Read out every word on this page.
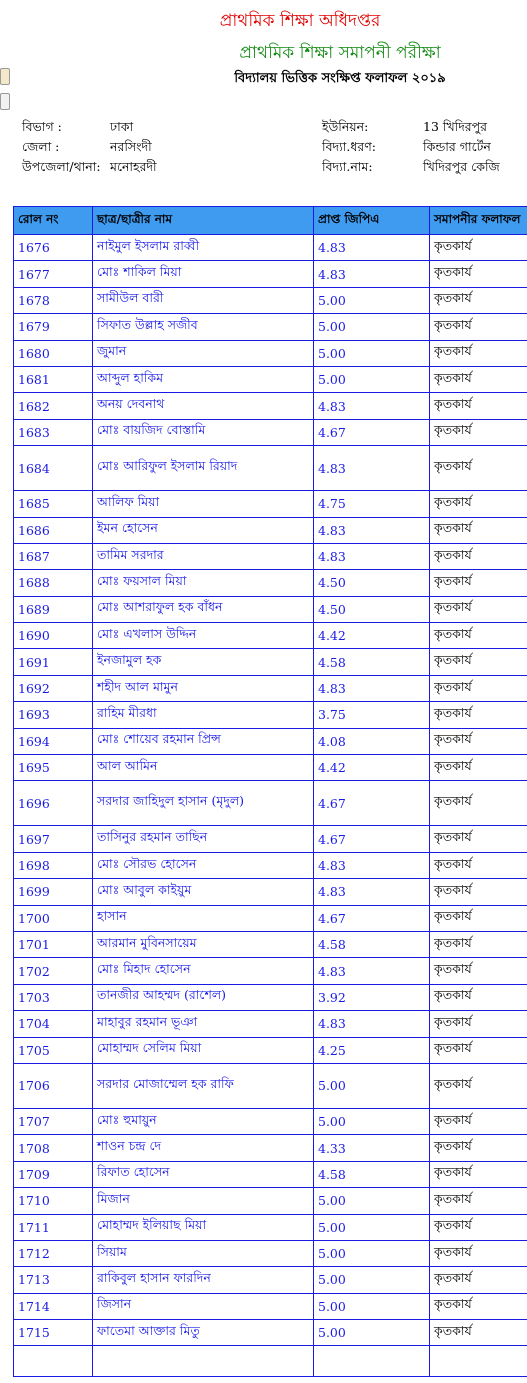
প্রাথমিক শিক্ষা অধিদপ্তর
প্রাথমিক শিক্ষা সমাপনী পরীক্ষা
বিদ্যালয় ভিত্তিক সংক্ষিপ্ত ফলাফল ২০১৯
বিভাগ :	ঢাকা
জেলা :	নরসিংদী
উপজেলা/থানা: মনোহরদী
ইউনিয়ন:	13 খিদিরপুর
বিদ্যা.ধরণ:	কিন্ডার গার্টেন
বিদ্যা.নাম:	খিদিরপুর কেজি
রোল নং	ছাত্র/ছাত্রীর নাম	প্রাপ্ত জিপিএ	সমাপনীর ফলাফল
1676	নাইমুল ইসলাম রাব্বী	4.83	কৃতকার্য
1677	মোঃ শাকিল মিয়া	4.83	কৃতকার্য
1678	সামীউল বারী	5.00	কৃতকার্য
1679	সিফাত উল্লাহ সজীব	5.00	কৃতকার্য
1680	জুমান	5.00	কৃতকার্য
1681	আব্দুল হাকিম	5.00	কৃতকার্য
1682	অনয় দেবনাথ	4.83	কৃতকার্য
1683	মোঃ বায়জিদ বোস্তামি	4.67	কৃতকার্য
1684	মোঃ আরিফুল ইসলাম রিয়াদ	4.83	কৃতকার্য
1685	আলিফ মিয়া	4.75	কৃতকার্য
1686	ইমন হোসেন	4.83	কৃতকার্য
1687	তামিম সরদার	4.83	কৃতকার্য
1688	মোঃ ফয়সাল মিয়া	4.50	কৃতকার্য
1689	মোঃ আশরাফুল হক বাঁধন	4.50	কৃতকার্য
1690	মোঃ এখলাস উদ্দিন	4.42	কৃতকার্য
1691	ইনজামুল হক	4.58	কৃতকার্য
1692	শহীদ আল মামুন	4.83	কৃতকার্য
1693	রাহিম মীরধা	3.75	কৃতকার্য
1694	মোঃ শোয়েব রহমান প্রিন্স	4.08	কৃতকার্য
1695	আল আমিন	4.42	কৃতকার্য
1696	সরদার জাহিদুল হাসান (মৃদুল)	4.67	কৃতকার্য
1697	তাসিনুর রহমান তাছিন	4.67	কৃতকার্য
1698	মোঃ সৌরভ হোসেন	4.83	কৃতকার্য
1699	মোঃ আবুল কাইয়ুম	4.83	কৃতকার্য
1700	হাসান	4.67	কৃতকার্য
1701	আরমান মুবিনসায়েম	4.58	কৃতকার্য
1702	মোঃ মিহাদ হোসেন	4.83	কৃতকার্য
1703	তানজীর আহম্মদ (রাশেল)	3.92	কৃতকার্য
1704	মাহাবুর রহমান ভূঞা	4.83	কৃতকার্য
1705	মোহাম্মদ সেলিম মিয়া	4.25	কৃতকার্য
1706	সরদার মোজাম্মেল হক রাফি	5.00	কৃতকার্য
1707	মোঃ হুমায়ুন	5.00	কৃতকার্য
1708	শাওন চন্দ্র দে	4.33	কৃতকার্য
1709	রিফাত হোসেন	4.58	কৃতকার্য
1710	মিজান	5.00	কৃতকার্য
1711	মোহাম্মদ ইলিয়াছ মিয়া	5.00	কৃতকার্য
1712	সিয়াম	5.00	কৃতকার্য
1713	রাকিবুল হাসান ফারদিন	5.00	কৃতকার্য
1714	জিসান	5.00	কৃতকার্য
1715	ফাতেমা আক্তার মিতু	5.00	কৃতকার্য
